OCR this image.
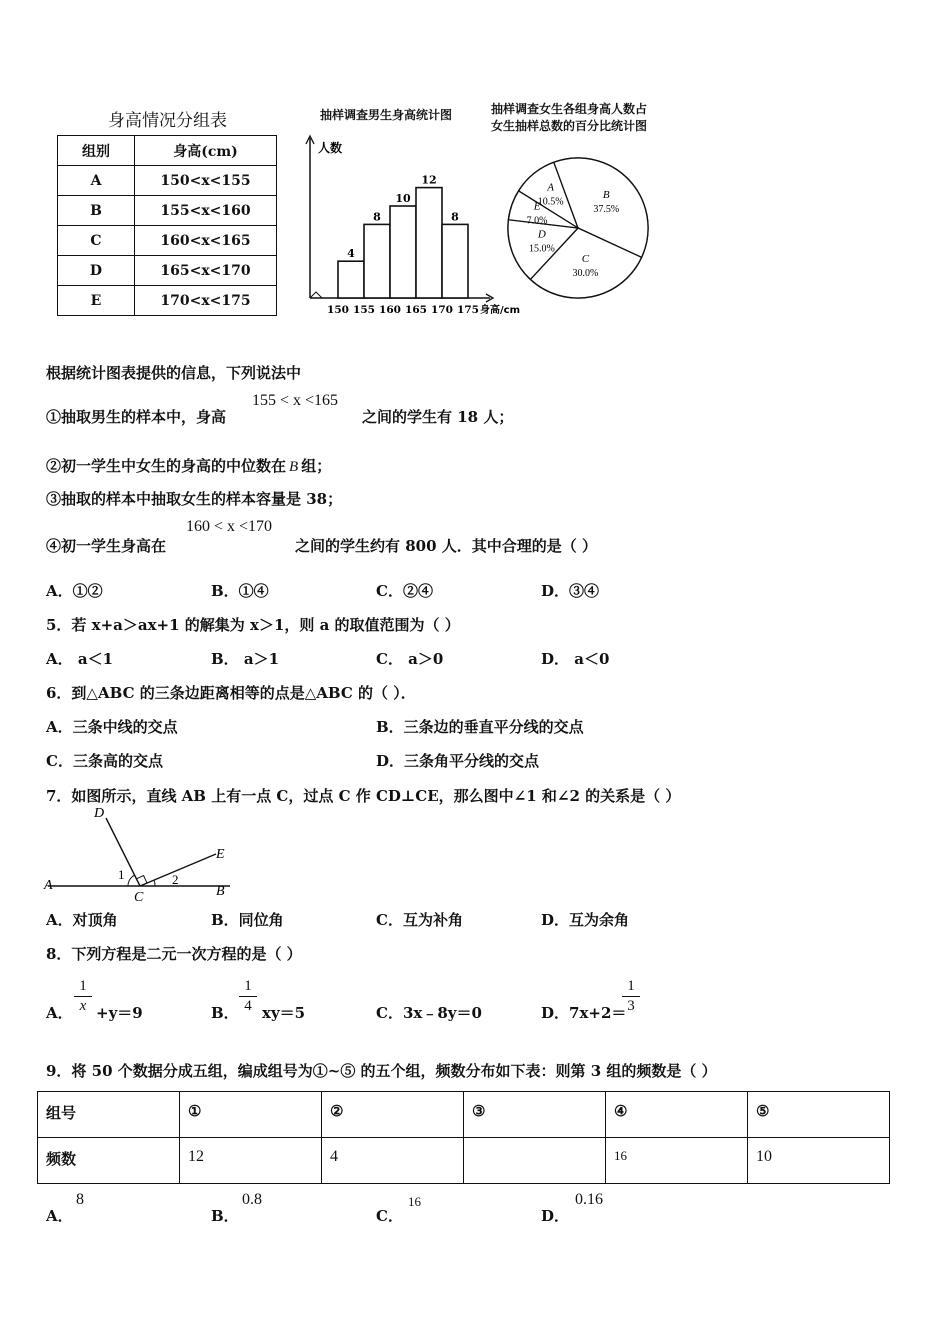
身高情况分组表
组别	身高(cm)
A	150<x<155
B	155<x<160
C	160<x<165
D	165<x<170
E	170<x<175
抽样调查男生身高统计图
人数
身高/cm
4
8
10
12
8
150 155 160 165 170 175
抽样调查女生各组身高人数占
女生抽样总数的百分比统计图
A
10.5%
B
37.5%
C
30.0%
D
15.0%
E
7.0%
根据统计图表提供的信息，下列说法中
①抽取男生的样本中，身高
155 < x <165
之间的学生有 18 人；
②初一学生中女生的身高的中位数在 B 组；
③抽取的样本中抽取女生的样本容量是 38；
④初一学生身高在
160 < x <170
之间的学生约有 800 人．其中合理的是（ ）
A．①②	B．①④	C．②④	D．③④
5．若 x+a＞ax+1 的解集为 x＞1，则 a 的取值范围为（ ）
A． a＜1	B． a＞1	C． a＞0	D． a＜0
6．到△ABC 的三条边距离相等的点是△ABC 的（ ）．
A．三条中线的交点	B．三条边的垂直平分线的交点
C．三条高的交点	D．三条角平分线的交点
7．如图所示，直线 AB 上有一点 C，过点 C 作 CD⊥CE，那么图中∠1 和∠2 的关系是（ ）
D
E
A	B
C
1	2
A．对顶角	B．同位角	C．互为补角	D．互为余角
8．下列方程是二元一次方程的是（ ）
A．
1
x +y＝9	B．
1
4 xy＝5	C．3x﹣8y＝0	D．7x+2＝
1
3
9．将 50 个数据分成五组，编成组号为①~⑤ 的五个组，频数分布如下表：则第 3 组的频数是（ ）
组号	①	②	③	④	⑤
频数	12	4		16	10
A．
8
B．
0.8
C．
16
D．
0.16
